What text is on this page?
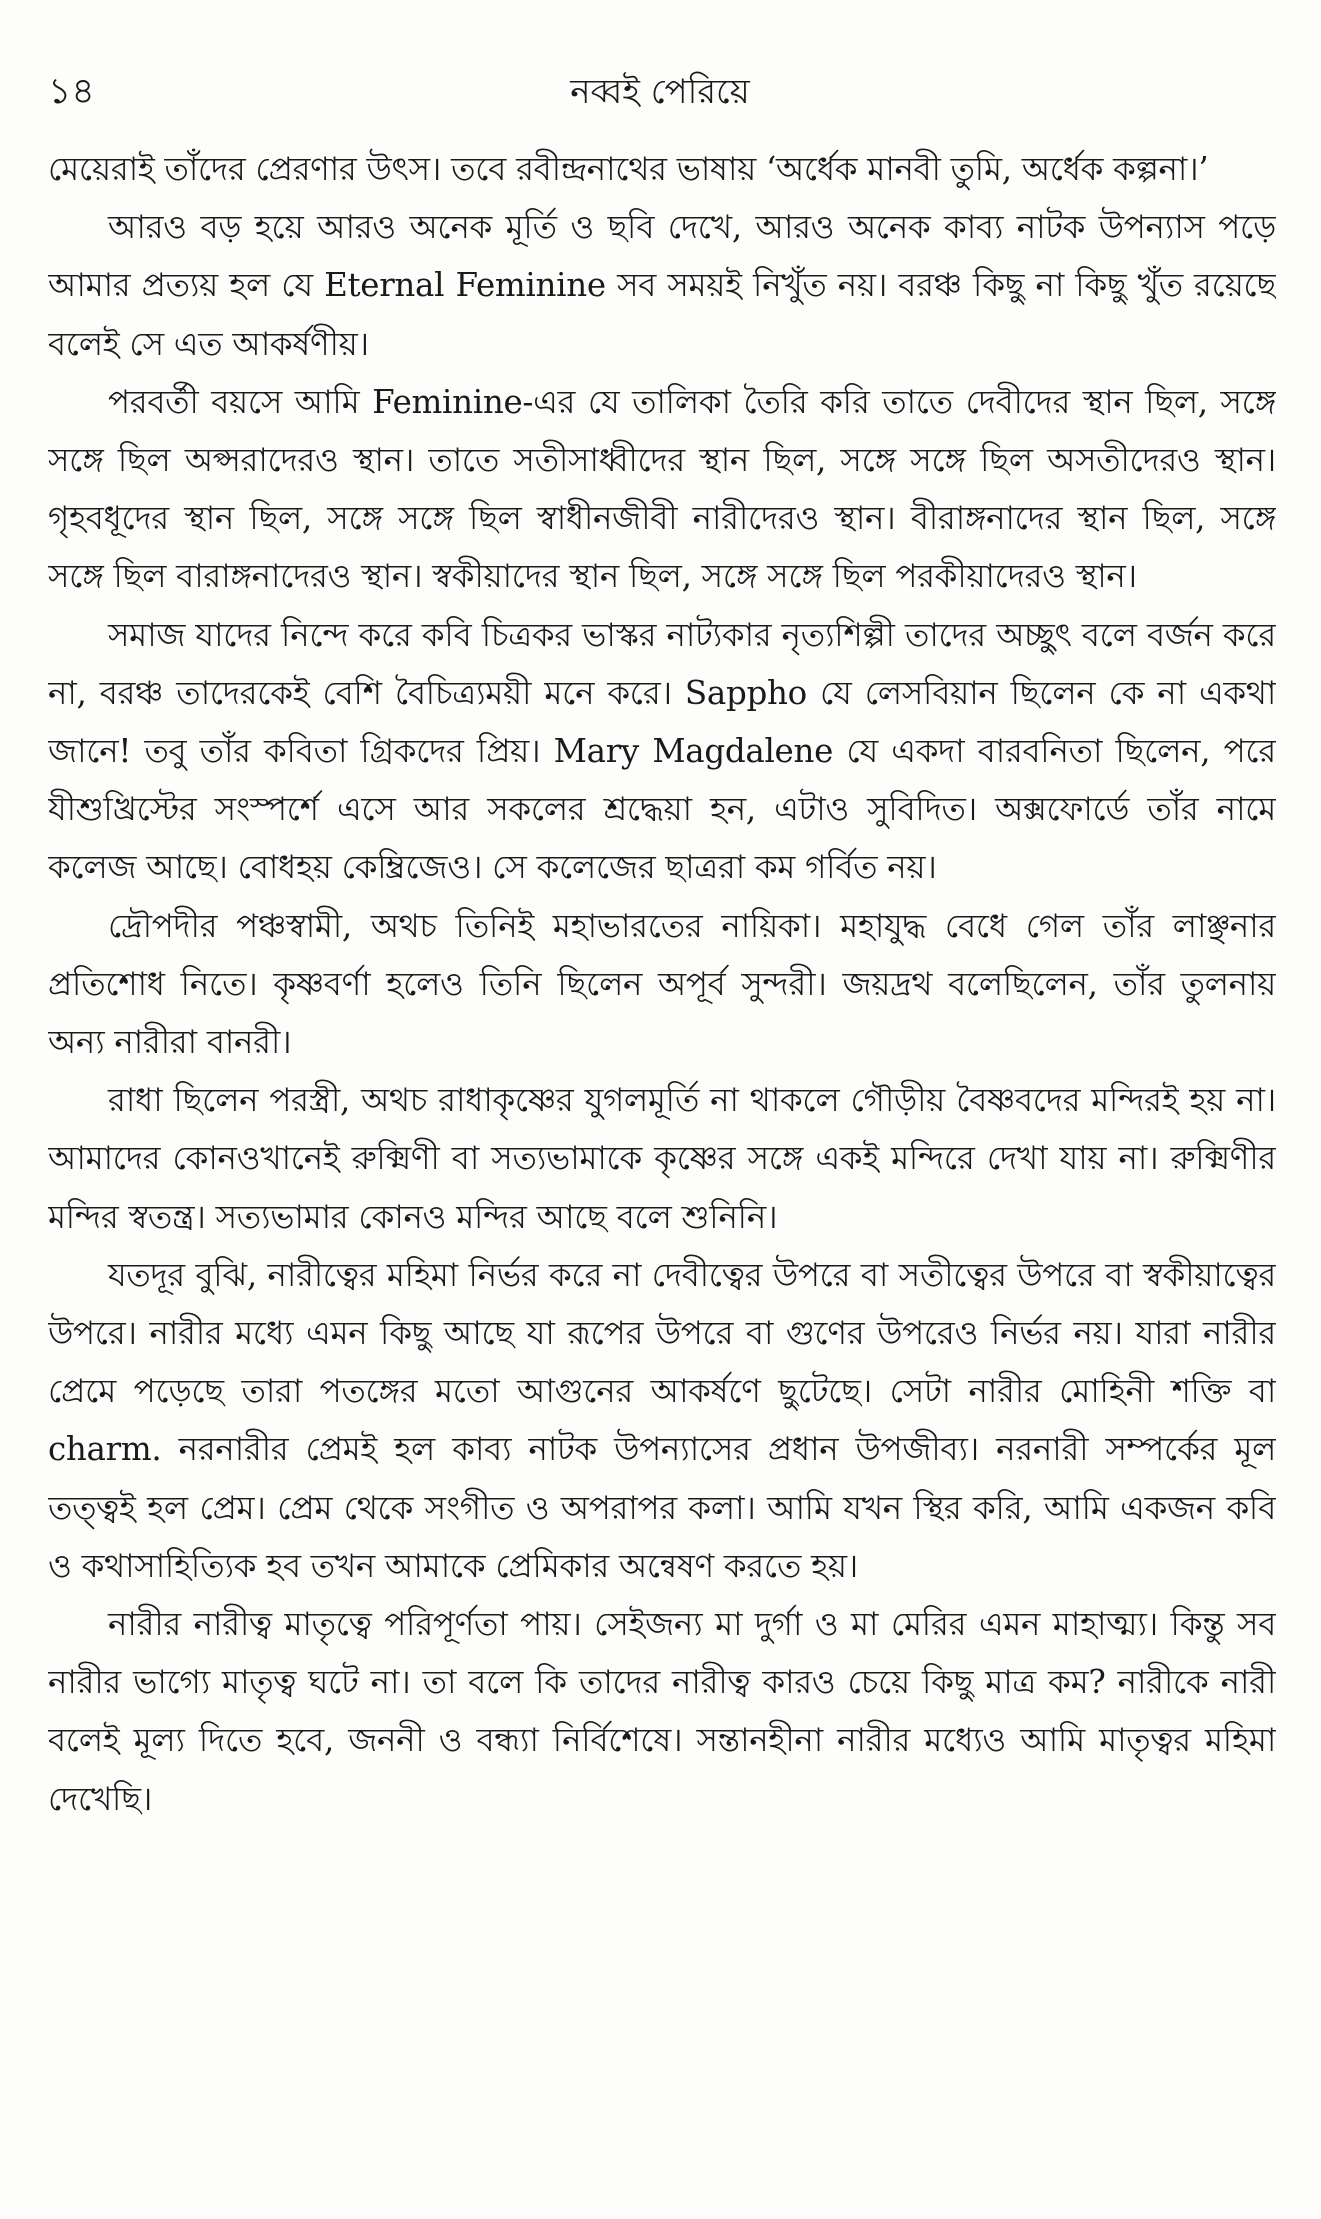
১৪	নব্বই পেরিয়ে

মেয়েরাই তাঁদের প্রেরণার উৎস। তবে রবীন্দ্রনাথের ভাষায় ‘অর্ধেক মানবী তুমি, অর্ধেক কল্পনা।’

আরও বড় হয়ে আরও অনেক মূর্তি ও ছবি দেখে, আরও অনেক কাব্য নাটক উপন্যাস পড়ে আমার প্রত্যয় হল যে Eternal Feminine সব সময়ই নিখুঁত নয়। বরঞ্চ কিছু না কিছু খুঁত রয়েছে বলেই সে এত আকর্ষণীয়।

পরবর্তী বয়সে আমি Feminine-এর যে তালিকা তৈরি করি তাতে দেবীদের স্থান ছিল, সঙ্গে সঙ্গে ছিল অপ্সরাদেরও স্থান। তাতে সতীসাধ্বীদের স্থান ছিল, সঙ্গে সঙ্গে ছিল অসতীদেরও স্থান। গৃহবধূদের স্থান ছিল, সঙ্গে সঙ্গে ছিল স্বাধীনজীবী নারীদেরও স্থান। বীরাঙ্গনাদের স্থান ছিল, সঙ্গে সঙ্গে ছিল বারাঙ্গনাদেরও স্থান। স্বকীয়াদের স্থান ছিল, সঙ্গে সঙ্গে ছিল পরকীয়াদেরও স্থান।

সমাজ যাদের নিন্দে করে কবি চিত্রকর ভাস্কর নাট্যকার নৃত্যশিল্পী তাদের অচ্ছুৎ বলে বর্জন করে না, বরঞ্চ তাদেরকেই বেশি বৈচিত্র্যময়ী মনে করে। Sappho যে লেসবিয়ান ছিলেন কে না একথা জানে! তবু তাঁর কবিতা গ্রিকদের প্রিয়। Mary Magdalene যে একদা বারবনিতা ছিলেন, পরে যীশুখ্রিস্টের সংস্পর্শে এসে আর সকলের শ্রদ্ধেয়া হন, এটাও সুবিদিত। অক্সফোর্ডে তাঁর নামে কলেজ আছে। বোধহয় কেম্ব্রিজেও। সে কলেজের ছাত্ররা কম গর্বিত নয়।

দ্রৌপদীর পঞ্চস্বামী, অথচ তিনিই মহাভারতের নায়িকা। মহাযুদ্ধ বেধে গেল তাঁর লাঞ্ছনার প্রতিশোধ নিতে। কৃষ্ণবর্ণা হলেও তিনি ছিলেন অপূর্ব সুন্দরী। জয়দ্রথ বলেছিলেন, তাঁর তুলনায় অন্য নারীরা বানরী।

রাধা ছিলেন পরস্ত্রী, অথচ রাধাকৃষ্ণের যুগলমূর্তি না থাকলে গৌড়ীয় বৈষ্ণবদের মন্দিরই হয় না। আমাদের কোনওখানেই রুক্মিণী বা সত্যভামাকে কৃষ্ণের সঙ্গে একই মন্দিরে দেখা যায় না। রুক্মিণীর মন্দির স্বতন্ত্র। সত্যভামার কোনও মন্দির আছে বলে শুনিনি।

যতদূর বুঝি, নারীত্বের মহিমা নির্ভর করে না দেবীত্বের উপরে বা সতীত্বের উপরে বা স্বকীয়াত্বের উপরে। নারীর মধ্যে এমন কিছু আছে যা রূপের উপরে বা গুণের উপরেও নির্ভর নয়। যারা নারীর প্রেমে পড়েছে তারা পতঙ্গের মতো আগুনের আকর্ষণে ছুটেছে। সেটা নারীর মোহিনী শক্তি বা charm. নরনারীর প্রেমই হল কাব্য নাটক উপন্যাসের প্রধান উপজীব্য। নরনারী সম্পর্কের মূল তত্ত্বই হল প্রেম। প্রেম থেকে সংগীত ও অপরাপর কলা। আমি যখন স্থির করি, আমি একজন কবি ও কথাসাহিত্যিক হব তখন আমাকে প্রেমিকার অন্বেষণ করতে হয়।

নারীর নারীত্ব মাতৃত্বে পরিপূর্ণতা পায়। সেইজন্য মা দুর্গা ও মা মেরির এমন মাহাত্ম্য। কিন্তু সব নারীর ভাগ্যে মাতৃত্ব ঘটে না। তা বলে কি তাদের নারীত্ব কারও চেয়ে কিছু মাত্র কম? নারীকে নারী বলেই মূল্য দিতে হবে, জননী ও বন্ধ্যা নির্বিশেষে। সন্তানহীনা নারীর মধ্যেও আমি মাতৃত্বর মহিমা দেখেছি।
